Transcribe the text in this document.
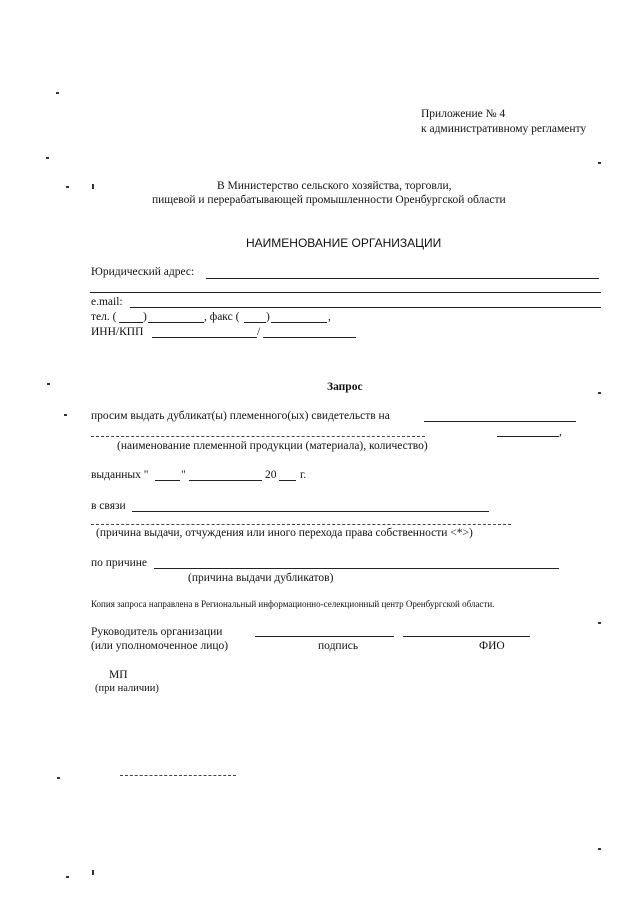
Приложение № 4
к административному регламенту
В Министерство сельского хозяйства, торговли,
пищевой и перерабатывающей промышленности Оренбургской области
НАИМЕНОВАНИЕ ОРГАНИЗАЦИИ
Юридический адрес:
e.mail:
тел. ( )	, факс ( )	,
ИНН/КПП	/
Запрос
просим выдать дубликат(ы) племенного(ых) свидетельств на
,
(наименование племенной продукции (материала), количество)
выданных "	"	20 г.
в связи
(причина выдачи, отчуждения или иного перехода права собственности <*>)
по причине
(причина выдачи дубликатов)
Копия запроса направлена в Региональный информационно-селекционный центр Оренбургской области.
Руководитель организации
(или уполномоченное лицо)	подпись	ФИО
МП
(при наличии)
